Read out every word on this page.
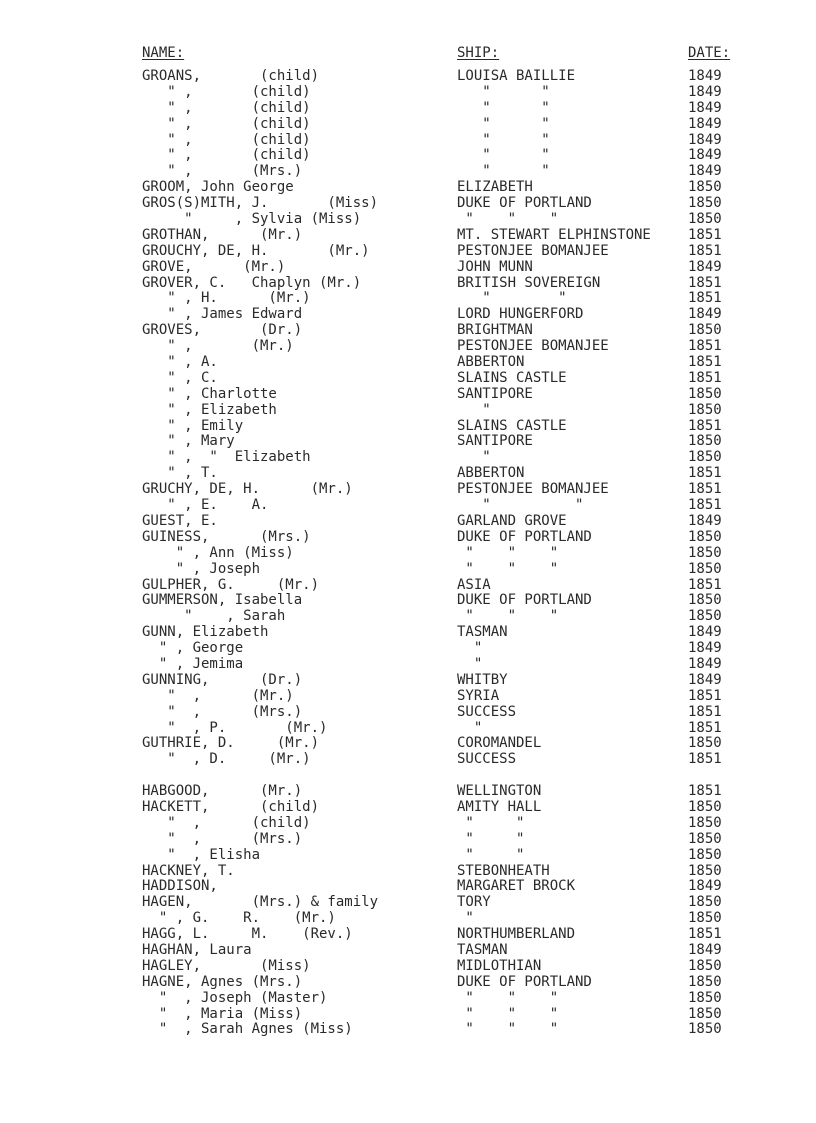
NAME:	SHIP:	DATE:
GROANS,       (child)	LOUISA BAILLIE	1849
" ,       (child)	"      "	1849
" ,       (child)	"      "	1849
" ,       (child)	"      "	1849
" ,       (child)	"      "	1849
" ,       (child)	"      "	1849
" ,       (Mrs.)	"      "	1849
GROOM, John George	ELIZABETH	1850
GROS(S)MITH, J.       (Miss)	DUKE OF PORTLAND	1850
"     , Sylvia (Miss)	"    "    "	1850
GROTHAN,      (Mr.)	MT. STEWART ELPHINSTONE	1851
GROUCHY, DE, H.       (Mr.)	PESTONJEE BOMANJEE	1851
GROVE,      (Mr.)	JOHN MUNN	1849
GROVER, C.   Chaplyn (Mr.)	BRITISH SOVEREIGN	1851
" , H.      (Mr.)	"        "	1851
" , James Edward	LORD HUNGERFORD	1849
GROVES,       (Dr.)	BRIGHTMAN	1850
" ,       (Mr.)	PESTONJEE BOMANJEE	1851
" , A.	ABBERTON	1851
" , C.	SLAINS CASTLE	1851
" , Charlotte	SANTIPORE	1850
" , Elizabeth	"	1850
" , Emily	SLAINS CASTLE	1851
" , Mary	SANTIPORE	1850
" ,  "  Elizabeth	"	1850
" , T.	ABBERTON	1851
GRUCHY, DE, H.      (Mr.)	PESTONJEE BOMANJEE	1851
" , E.    A.	"          "	1851
GUEST, E.	GARLAND GROVE	1849
GUINESS,      (Mrs.)	DUKE OF PORTLAND	1850
" , Ann (Miss)	"    "    "	1850
" , Joseph	"    "    "	1850
GULPHER, G.     (Mr.)	ASIA	1851
GUMMERSON, Isabella	DUKE OF PORTLAND	1850
"    , Sarah	"    "    "	1850
GUNN, Elizabeth	TASMAN	1849
" , George	"	1849
" , Jemima	"	1849
GUNNING,      (Dr.)	WHITBY	1849
"  ,      (Mr.)	SYRIA	1851
"  ,      (Mrs.)	SUCCESS	1851
"  , P.       (Mr.)	"	1851
GUTHRIE, D.     (Mr.)	COROMANDEL	1850
"  , D.     (Mr.)	SUCCESS	1851
HABGOOD,      (Mr.)	WELLINGTON	1851
HACKETT,      (child)	AMITY HALL	1850
"  ,      (child)	"     "	1850
"  ,      (Mrs.)	"     "	1850
"  , Elisha	"     "	1850
HACKNEY, T.	STEBONHEATH	1850
HADDISON,	MARGARET BROCK	1849
HAGEN,       (Mrs.) & family	TORY	1850
" , G.    R.    (Mr.)	"	1850
HAGG, L.     M.    (Rev.)	NORTHUMBERLAND	1851
HAGHAN, Laura	TASMAN	1849
HAGLEY,       (Miss)	MIDLOTHIAN	1850
HAGNE, Agnes (Mrs.)	DUKE OF PORTLAND	1850
"  , Joseph (Master)	"    "    "	1850
"  , Maria (Miss)	"    "    "	1850
"  , Sarah Agnes (Miss)	"    "    "	1850
